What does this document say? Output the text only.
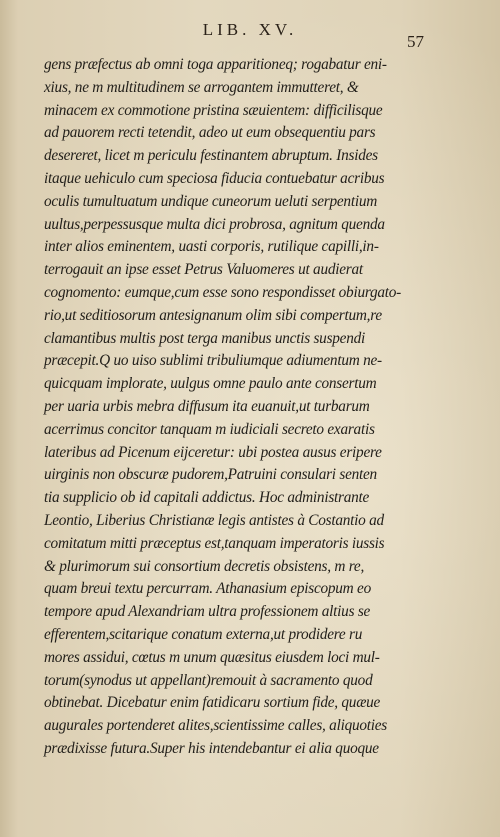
LIB. XV.
57
gens præfectus ab omni toga apparitioneq; rogabatur eni-
xius, ne m multitudinem se arrogantem immutteret, &
minacem ex commotione pristina sæuientem: difficilisque
ad pauorem recti tetendit, adeo ut eum obsequentiu pars
desereret, licet m periculu festinantem abruptum. Insides
itaque uehiculo cum speciosa fiducia contuebatur acribus
oculis tumultuatum undique cuneorum ueluti serpentium
uultus,perpessusque multa dici probrosa, agnitum quenda
inter alios eminentem, uasti corporis, rutilique capilli,in-
terrogauit an ipse esset Petrus Valuomeres ut audierat
cognomento: eumque,cum esse sono respondisset obiurgato-
rio,ut seditiosorum antesignanum olim sibi compertum,re
clamantibus multis post terga manibus unctis suspendi
præcepit.Q uo uiso sublimi tribuliumque adiumentum ne-
quicquam implorate, uulgus omne paulo ante consertum
per uaria urbis mebra diffusum ita euanuit,ut turbarum
acerrimus concitor tanquam m iudiciali secreto exaratis
lateribus ad Picenum eijceretur: ubi postea ausus eripere
uirginis non obscuræ pudorem,Patruini consulari senten
tia supplicio ob id capitali addictus. Hoc administrante
Leontio, Liberius Christianæ legis antistes à Costantio ad
comitatum mitti præceptus est,tanquam imperatoris iussis
& plurimorum sui consortium decretis obsistens, m re,
quam breui textu percurram. Athanasium episcopum eo
tempore apud Alexandriam ultra professionem altius se
efferentem,scitarique conatum externa,ut prodidere ru
mores assidui, cœtus m unum quæsitus eiusdem loci mul-
torum(synodus ut appellant)remouit à sacramento quod
obtinebat. Dicebatur enim fatidicaru sortium fide, quæue
augurales portenderet alites,scientissime calles, aliquoties
prædixisse futura.Super his intendebantur ei alia quoque
